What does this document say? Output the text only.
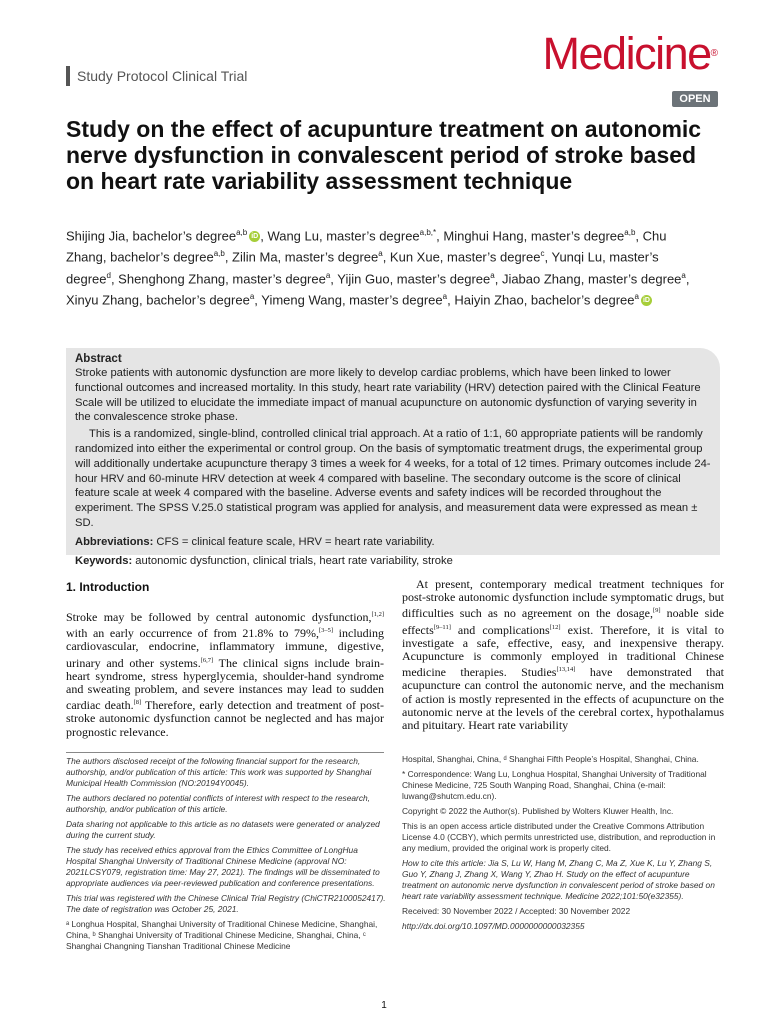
Study Protocol Clinical Trial	Medicine®
OPEN
Study on the effect of acupunture treatment on autonomic nerve dysfunction in convalescent period of stroke based on heart rate variability assessment technique
Shijing Jia, bachelor’s degree$^{a,b}$ iD , Wang Lu, master’s degree$^{a,b,*}$, Minghui Hang, master’s degree$^{a,b}$, Chu Zhang, bachelor’s degree$^{a,b}$, Zilin Ma, master’s degree$^a$, Kun Xue, master’s degree$^c$, Yunqi Lu, master’s degree$^d$, Shenghong Zhang, master’s degree$^a$, Yijin Guo, master’s degree$^a$, Jiabao Zhang, master’s degree$^a$, Xinyu Zhang, bachelor’s degree$^a$, Yimeng Wang, master’s degree$^a$, Haiyin Zhao, bachelor’s degree$^a$ iD
Abstract

Stroke patients with autonomic dysfunction are more likely to develop cardiac problems, which have been linked to lower functional outcomes and increased mortality. In this study, heart rate variability (HRV) detection paired with the Clinical Feature Scale will be utilized to elucidate the immediate impact of manual acupuncture on autonomic dysfunction of varying severity in the convalescence stroke phase.

This is a randomized, single-blind, controlled clinical trial approach. At a ratio of 1:1, 60 appropriate patients will be randomly randomized into either the experimental or control group. On the basis of symptomatic treatment drugs, the experimental group will additionally undertake acupuncture therapy 3 times a week for 4 weeks, for a total of 12 times. Primary outcomes include 24-hour HRV and 60-minute HRV detection at week 4 compared with baseline. The secondary outcome is the score of clinical feature scale at week 4 compared with the baseline. Adverse events and safety indices will be recorded throughout the experiment. The SPSS V.25.0 statistical program was applied for analysis, and measurement data were expressed as mean ± SD.

Abbreviations: CFS = clinical feature scale, HRV = heart rate variability.

Keywords: autonomic dysfunction, clinical trials, heart rate variability, stroke

1. Introduction

Stroke may be followed by central autonomic dysfunction,[1,2] with an early occurrence of from 21.8% to 79%,[3–5] including cardiovascular, endocrine, inflammatory immune, digestive, urinary and other systems.[6,7] The clinical signs include brain-heart syndrome, stress hyperglycemia, shoulder-hand syndrome and sweating problem, and severe instances may lead to sudden cardiac death.[8] Therefore, early detection and treatment of post-stroke autonomic dysfunction cannot be neglected and has major prognostic relevance.

At present, contemporary medical treatment techniques for post-stroke autonomic dysfunction include symptomatic drugs, but difficulties such as no agreement on the dosage,[9] noable side effects[9–11] and complications[12] exist. Therefore, it is vital to investigate a safe, effective, easy, and inexpensive therapy. Acupuncture is commonly employed in traditional Chinese medicine therapies. Studies[13,14] have demonstrated that acupuncture can control the autonomic nerve, and the mechanism of action is mostly represented in the effects of acupuncture on the autonomic nerve at the levels of the cerebral cortex, hypothalamus and pituitary. Heart rate variability

The authors disclosed receipt of the following financial support for the research, authorship, and/or publication of this article: This work was supported by Shanghai Municipal Health Commission (NO:20194Y0045).

The authors declared no potential conflicts of interest with respect to the research, authorship, and/or publication of this article.

Data sharing not applicable to this article as no datasets were generated or analyzed during the current study.

The study has received ethics approval from the Ethics Committee of LongHua Hospital Shanghai University of Traditional Chinese Medicine (approval NO: 2021LCSY079, registration time: May 27, 2021). The findings will be disseminated to appropriate audiences via peer-reviewed publication and conference presentations.

This trial was registered with the Chinese Clinical Trial Registry (ChiCTR2100052417). The date of registration was October 25, 2021.

ᵃ Longhua Hospital, Shanghai University of Traditional Chinese Medicine, Shanghai, China, ᵇ Shanghai University of Traditional Chinese Medicine, Shanghai, China, ᶜ Shanghai Changning Tianshan Traditional Chinese Medicine

Hospital, Shanghai, China, ᵈ Shanghai Fifth People’s Hospital, Shanghai, China.

* Correspondence: Wang Lu, Longhua Hospital, Shanghai University of Traditional Chinese Medicine, 725 South Wanping Road, Shanghai, China (e-mail: luwang@shutcm.edu.cn).

Copyright © 2022 the Author(s). Published by Wolters Kluwer Health, Inc.

This is an open access article distributed under the Creative Commons Attribution License 4.0 (CCBY), which permits unrestricted use, distribution, and reproduction in any medium, provided the original work is properly cited.

How to cite this article: Jia S, Lu W, Hang M, Zhang C, Ma Z, Xue K, Lu Y, Zhang S, Guo Y, Zhang J, Zhang X, Wang Y, Zhao H. Study on the effect of acupunture treatment on autonomic nerve dysfunction in convalescent period of stroke based on heart rate variability assessment technique. Medicine 2022;101:50(e32355).

Received: 30 November 2022 / Accepted: 30 November 2022

http://dx.doi.org/10.1097/MD.0000000000032355

1
